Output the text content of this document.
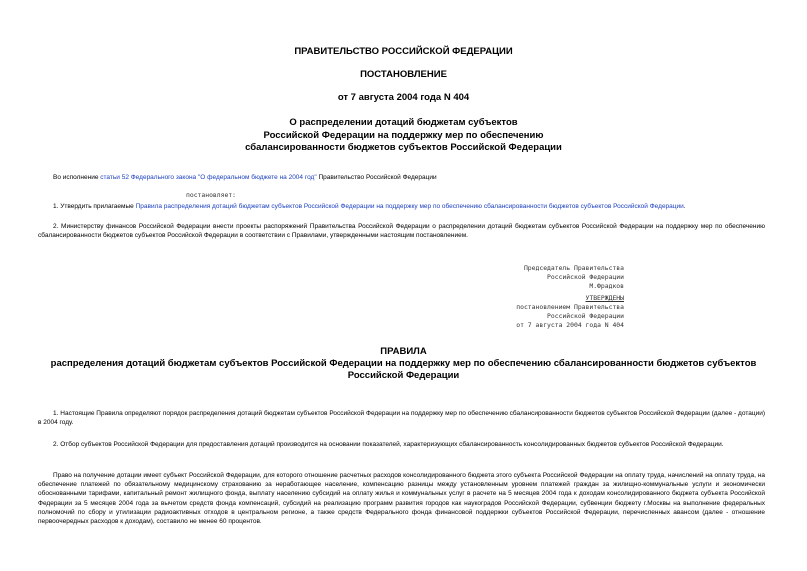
ПРАВИТЕЛЬСТВО РОССИЙСКОЙ ФЕДЕРАЦИИ
ПОСТАНОВЛЕНИЕ
от 7 августа 2004 года N 404
О распределении дотаций бюджетам субъектов
Российской Федерации на поддержку мер по обеспечению
сбалансированности бюджетов субъектов Российской Федерации
Во исполнение статьи 52 Федерального закона "О федеральном бюджете на 2004 год" Правительство Российской Федерации
постановляет:
1. Утвердить прилагаемые Правила распределения дотаций бюджетам субъектов Российской Федерации на поддержку мер по обеспечению сбалансированности бюджетов субъектов Российской Федерации.
2. Министерству финансов Российской Федерации внести проекты распоряжений Правительства Российской Федерации о распределении дотаций бюджетам субъектов Российской Федерации на поддержку мер по обеспечению сбалансированности бюджетов субъектов Российской Федерации в соответствии с Правилами, утвержденными настоящим постановлением.
Председатель Правительства
Российской Федерации
М.Фрадков
УТВЕРЖДЕНЫ
постановлением Правительства
Российской Федерации
от 7 августа 2004 года N 404
ПРАВИЛА
распределения дотаций бюджетам субъектов Российской Федерации на поддержку мер по обеспечению сбалансированности бюджетов субъектов Российской Федерации
1. Настоящие Правила определяют порядок распределения дотаций бюджетам субъектов Российской Федерации на поддержку мер по обеспечению сбалансированности бюджетов субъектов Российской Федерации (далее - дотации) в 2004 году.
2. Отбор субъектов Российской Федерации для предоставления дотаций производится на основании показателей, характеризующих сбалансированность консолидированных бюджетов субъектов Российской Федерации.
Право на получение дотации имеет субъект Российской Федерации, для которого отношение расчетных расходов консолидированного бюджета этого субъекта Российской Федерации на оплату труда, начислений на оплату труда, на обеспечение платежей по обязательному медицинскому страхованию за неработающее население, компенсацию разницы между установленным уровнем платежей граждан за жилищно-коммунальные услуги и экономически обоснованными тарифами, капитальный ремонт жилищного фонда, выплату населению субсидий на оплату жилья и коммунальных услуг в расчете на 5 месяцев 2004 года к доходам консолидированного бюджета субъекта Российской Федерации за 5 месяцев 2004 года за вычетом средств фонда компенсаций, субсидий на реализацию программ развития городов как наукоградов Российской Федерации, субвенции бюджету г.Москвы на выполнение федеральных полномочий по сбору и утилизации радиоактивных отходов в центральном регионе, а также средств Федерального фонда финансовой поддержки субъектов Российской Федерации, перечисленных авансом (далее - отношение первоочередных расходов к доходам), составило не менее 60 процентов.
